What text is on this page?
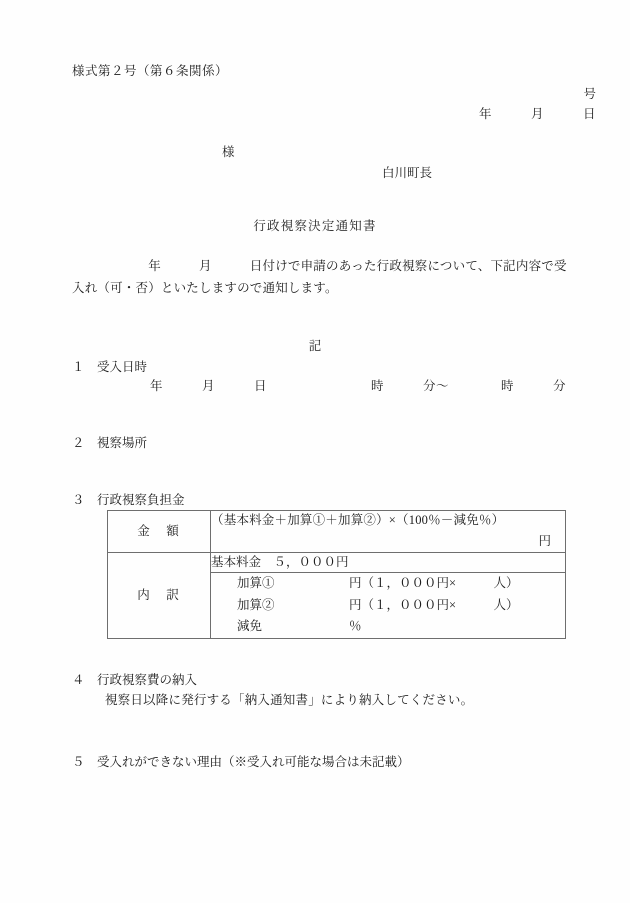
様式第２号（第６条関係）
号
年　　　月　　　日
様
白川町長
行政視察決定通知書
　　　　　　年　　　月　　　日付けで申請のあった行政視察について、下記内容で受入れ（可・否）といたしますので通知します。
記
１　 受入日時
年　　　月　　　日　　　　　　　　時　　　分〜　　　　時　　　分
２　 視察場所
３　 行政視察負担金
金　額	（基本料金＋加算①＋加算②）×（100％－減免％）
円

内　訳	基本料金　５，０００円

加算①	円（１，０００円×　　　人）
加算②	円（１，０００円×　　　人）
減免	％
４　 行政視察費の納入
視察日以降に発行する「納入通知書」により納入してください。
５　 受入れができない理由（※受入れ可能な場合は未記載）
